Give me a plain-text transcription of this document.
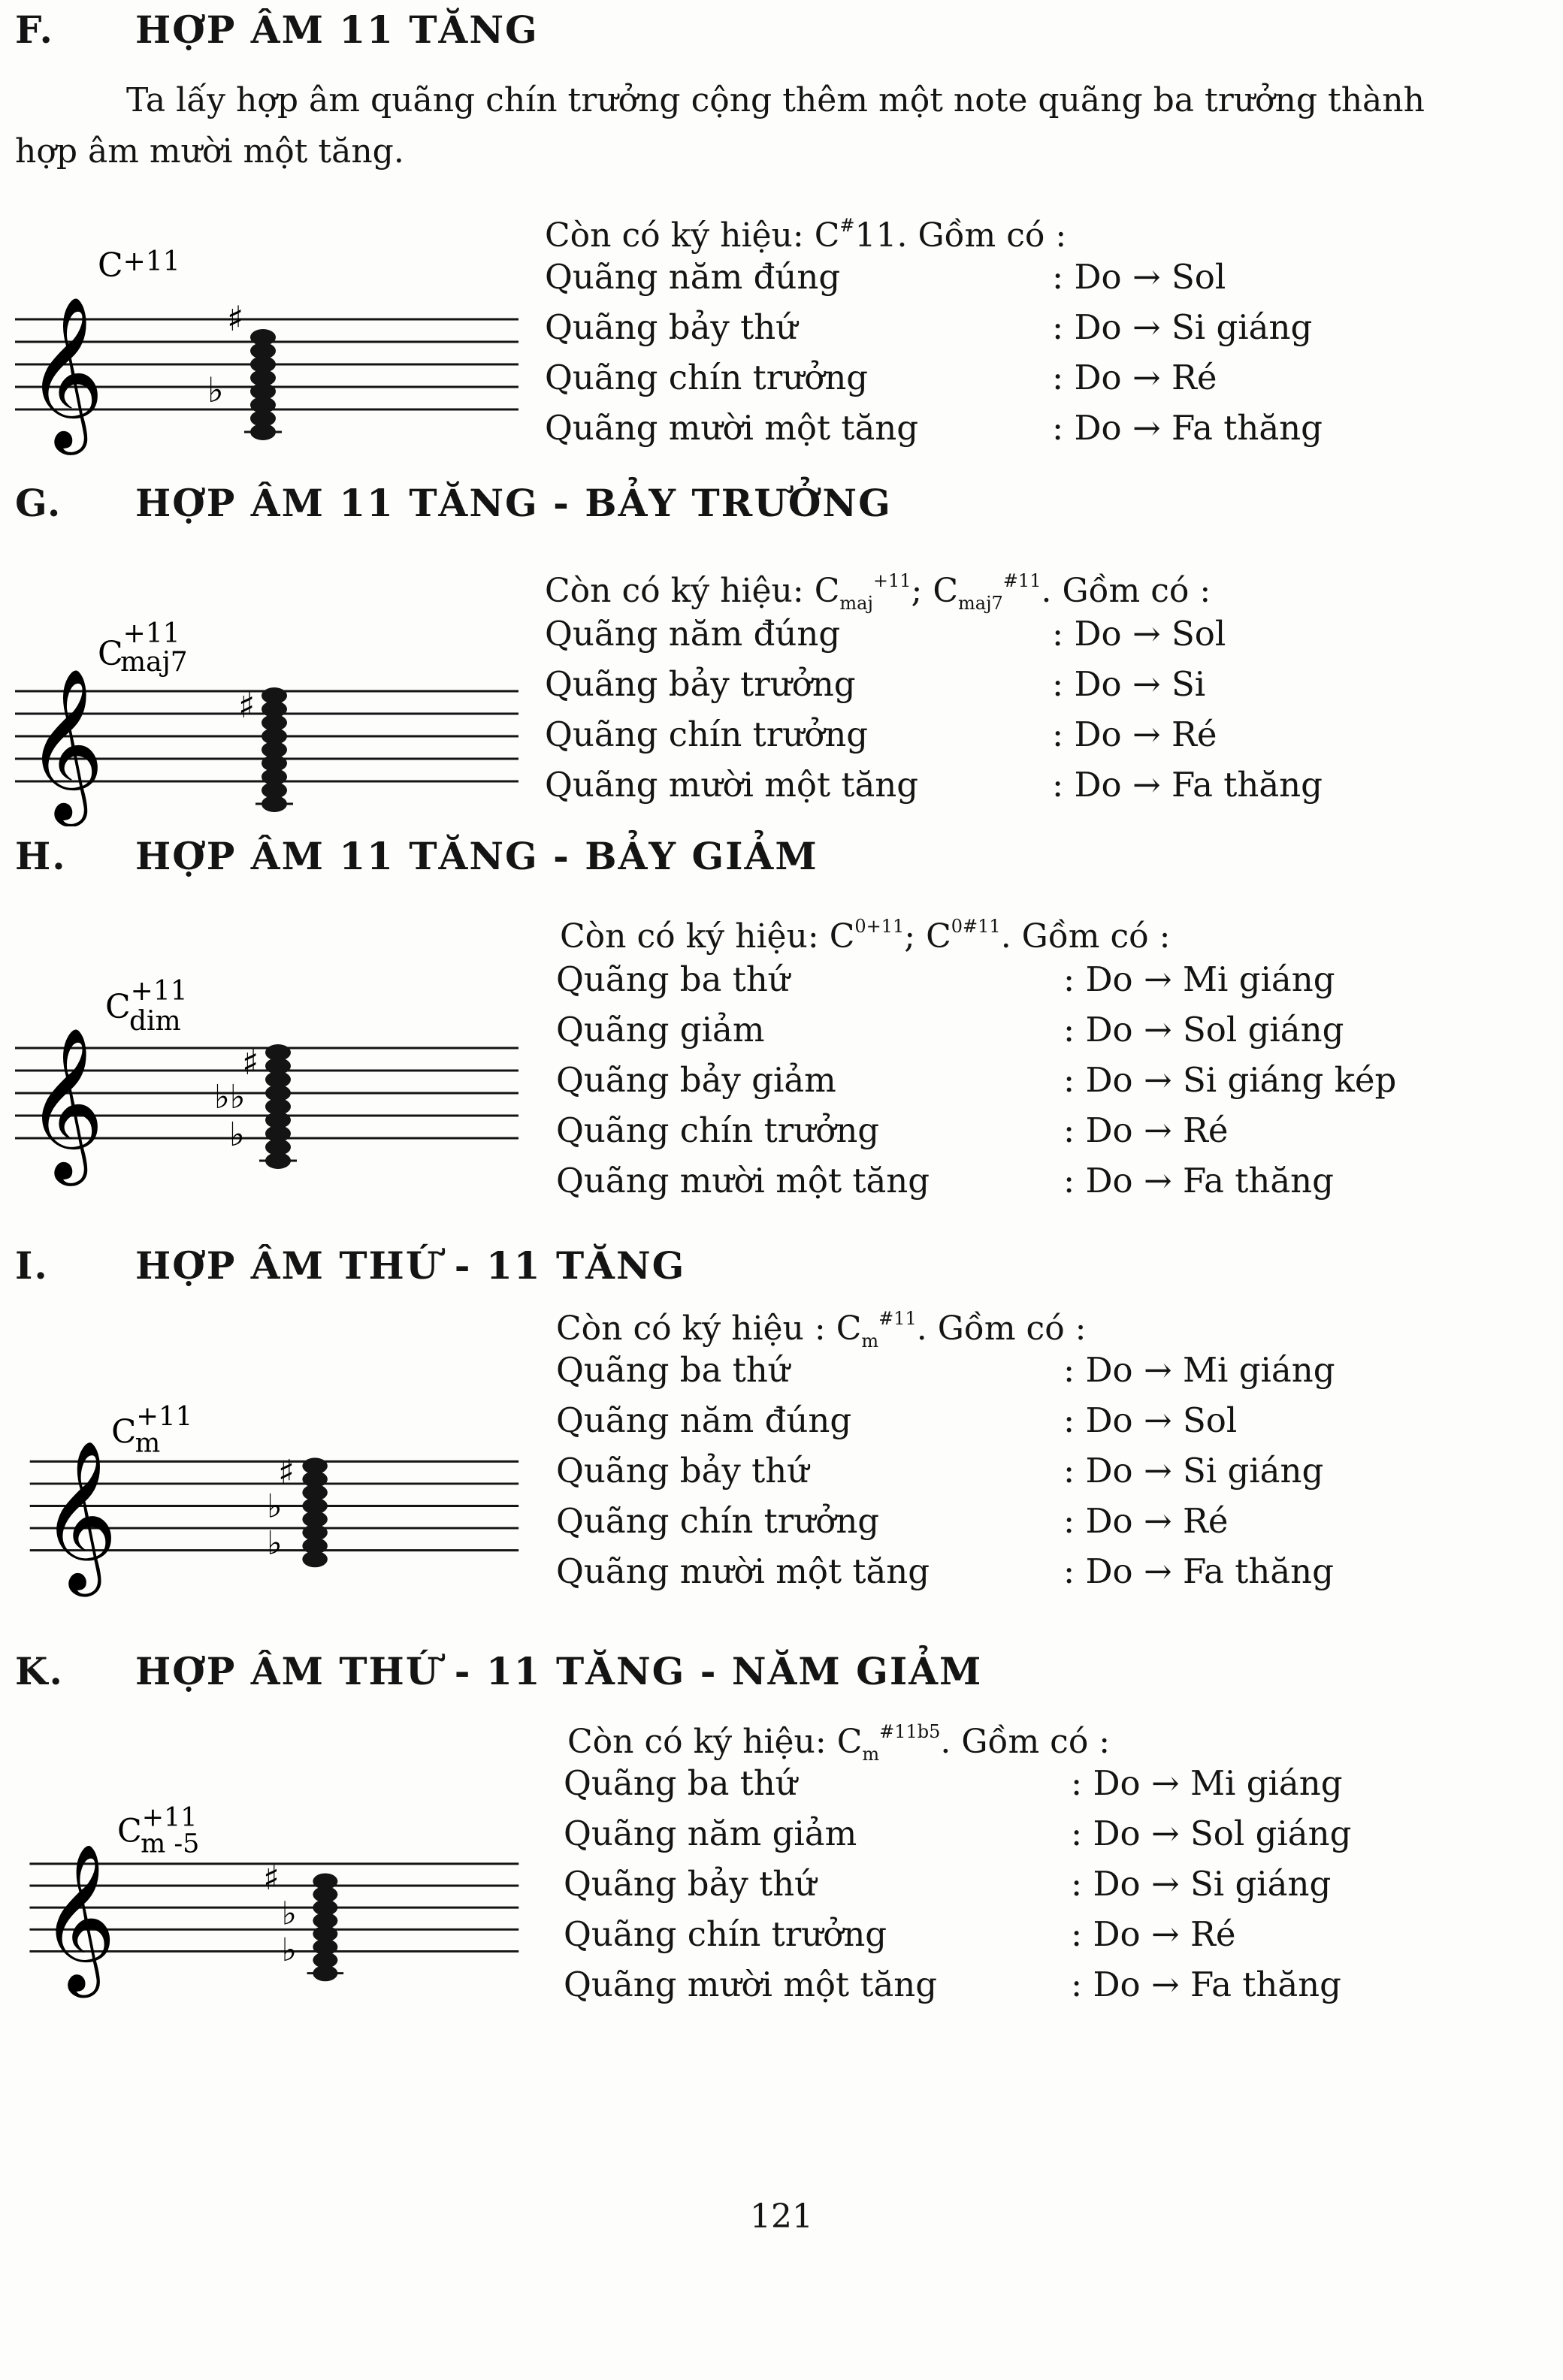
F. HỢP ÂM 11 TĂNG
Ta lấy hợp âm quãng chín trưởng cộng thêm một note quãng ba trưởng thành hợp âm mười một tăng.
𝄞
C+11
♭
♯
Còn có ký hiệu: C#11. Gồm có :
Quãng năm đúng	: Do → Sol
Quãng bảy thứ	: Do → Si giáng
Quãng chín trưởng	: Do → Ré
Quãng mười một tăng	: Do → Fa thăng
G. HỢP ÂM 11 TĂNG - BẢY TRƯỞNG
𝄞
$C^{+11}$ maj7
♯
Còn có ký hiệu: $C_{maj}^{+11}$; $C_{maj7}^{\#11}$. Gồm có :
Quãng năm đúng	: Do → Sol
Quãng bảy trưởng	: Do → Si
Quãng chín trưởng	: Do → Ré
Quãng mười một tăng	: Do → Fa thăng
H. HỢP ÂM 11 TĂNG - BẢY GIẢM
𝄞
$C^{+11}$ dim
♭♭
♭
♯
Còn có ký hiệu: $C^{0+11}$; $C^{0\#11}$. Gồm có :
Quãng ba thứ	: Do → Mi giáng
Quãng giảm	: Do → Sol giáng
Quãng bảy giảm	: Do → Si giáng kép
Quãng chín trưởng	: Do → Ré
Quãng mười một tăng	: Do → Fa thăng
I. HỢP ÂM THỨ - 11 TĂNG
𝄞
$C^{+11}$ m
♭
♭
♯
Còn có ký hiệu : $C_m^{\#11}$. Gồm có :
Quãng ba thứ	: Do → Mi giáng
Quãng năm đúng	: Do → Sol
Quãng bảy thứ	: Do → Si giáng
Quãng chín trưởng	: Do → Ré
Quãng mười một tăng	: Do → Fa thăng
K. HỢP ÂM THỨ - 11 TĂNG - NĂM GIẢM
𝄞
$C^{+11}$ m -5
♭
♭
♯
Còn có ký hiệu: $C_m^{\#11b5}$. Gồm có :
Quãng ba thứ	: Do → Mi giáng
Quãng năm giảm	: Do → Sol giáng
Quãng bảy thứ	: Do → Si giáng
Quãng chín trưởng	: Do → Ré
Quãng mười một tăng	: Do → Fa thăng
121
